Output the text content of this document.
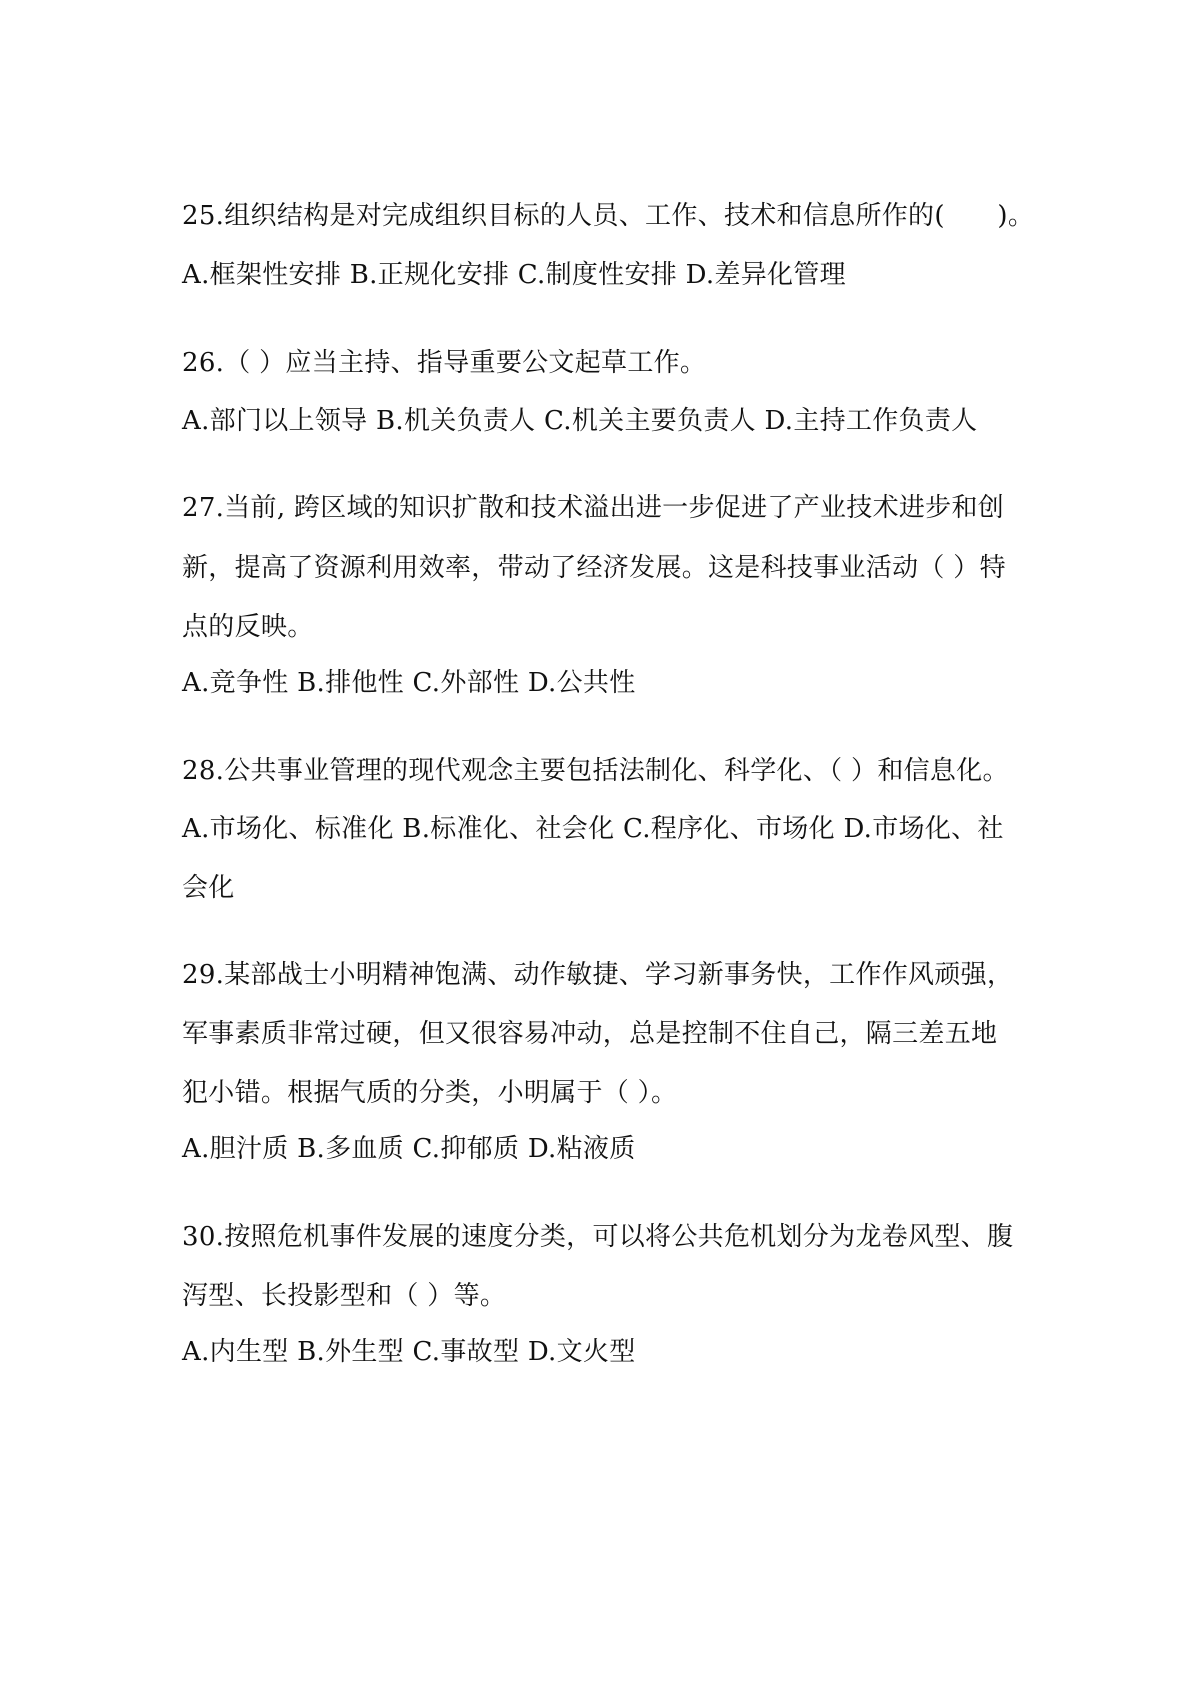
25.组织结构是对完成组织目标的人员、工作、技术和信息所作的(　　)。
A.框架性安排 B.正规化安排 C.制度性安排 D.差异化管理
26.（ ）应当主持、指导重要公文起草工作。
A.部门以上领导 B.机关负责人 C.机关主要负责人 D.主持工作负责人
27.当前, 跨区域的知识扩散和技术溢出进一步促进了产业技术进步和创
新，提高了资源利用效率，带动了经济发展。这是科技事业活动（ ）特
点的反映。
A.竞争性 B.排他性 C.外部性 D.公共性
28.公共事业管理的现代观念主要包括法制化、科学化、（ ）和信息化。
A.市场化、标准化 B.标准化、社会化 C.程序化、市场化 D.市场化、社
会化
29.某部战士小明精神饱满、动作敏捷、学习新事务快，工作作风顽强，
军事素质非常过硬，但又很容易冲动，总是控制不住自己，隔三差五地
犯小错。根据气质的分类，小明属于（ ）。
A.胆汁质 B.多血质 C.抑郁质 D.粘液质
30.按照危机事件发展的速度分类，可以将公共危机划分为龙卷风型、腹
泻型、长投影型和（ ）等。
A.内生型 B.外生型 C.事故型 D.文火型
